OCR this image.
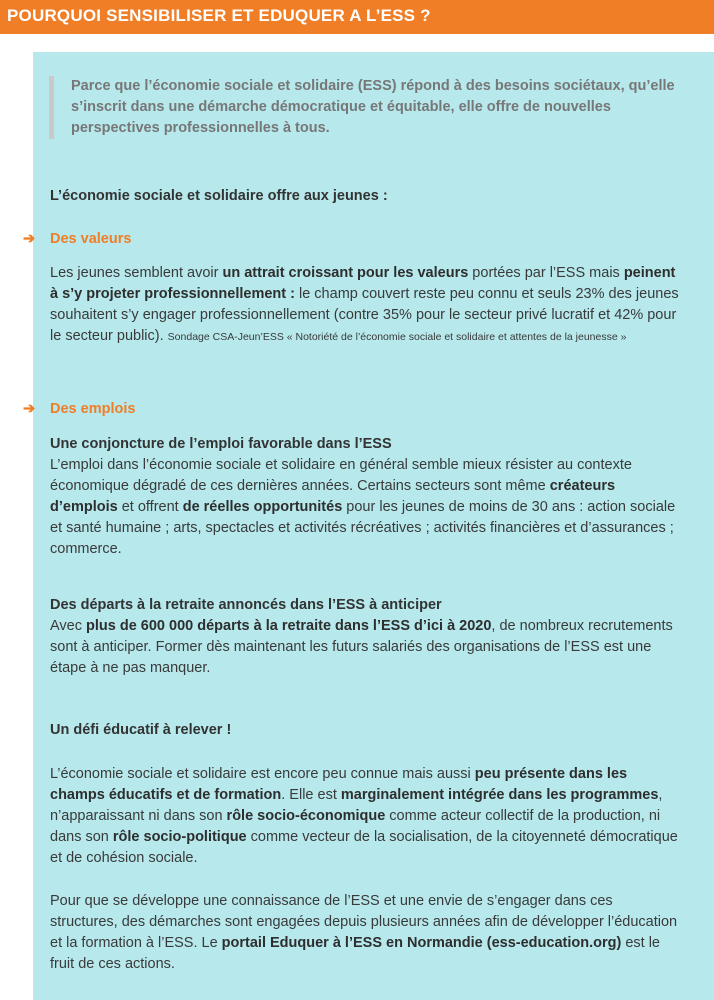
POURQUOI SENSIBILISER ET EDUQUER A L’ESS ?
Parce que l’économie sociale et solidaire (ESS) répond à des besoins sociétaux, qu’elle s’inscrit dans une démarche démocratique et équitable, elle offre de nouvelles perspectives professionnelles à tous.
L’économie sociale et solidaire offre aux jeunes :
➔ Des valeurs
Les jeunes semblent avoir un attrait croissant pour les valeurs portées par l’ESS mais peinent à s’y projeter professionnellement : le champ couvert reste peu connu et seuls 23% des jeunes souhaitent s’y engager professionnellement (contre 35% pour le secteur privé lucratif et 42% pour le secteur public). Sondage CSA-Jeun’ESS « Notoriété de l’économie sociale et solidaire et attentes de la jeunesse »
➔ Des emplois
Une conjoncture de l’emploi favorable dans l’ESS
L’emploi dans l’économie sociale et solidaire en général semble mieux résister au contexte économique dégradé de ces dernières années. Certains secteurs sont même créateurs d’emplois et offrent de réelles opportunités pour les jeunes de moins de 30 ans : action sociale et santé humaine ; arts, spectacles et activités récréatives ; activités financières et d’assurances ; commerce.
Des départs à la retraite annoncés dans l’ESS à anticiper
Avec plus de 600 000 départs à la retraite dans l’ESS d’ici à 2020, de nombreux recrutements sont à anticiper. Former dès maintenant les futurs salariés des organisations de l’ESS est une étape à ne pas manquer.
Un défi éducatif à relever !
L’économie sociale et solidaire est encore peu connue mais aussi peu présente dans les champs éducatifs et de formation. Elle est marginalement intégrée dans les programmes, n’apparaissant ni dans son rôle socio-économique comme acteur collectif de la production, ni dans son rôle socio-politique comme vecteur de la socialisation, de la citoyenneté démocratique et de cohésion sociale.
Pour que se développe une connaissance de l’ESS et une envie de s’engager dans ces structures, des démarches sont engagées depuis plusieurs années afin de développer l’éducation et la formation à l’ESS. Le portail Eduquer à l’ESS en Normandie (ess-education.org) est le fruit de ces actions.
